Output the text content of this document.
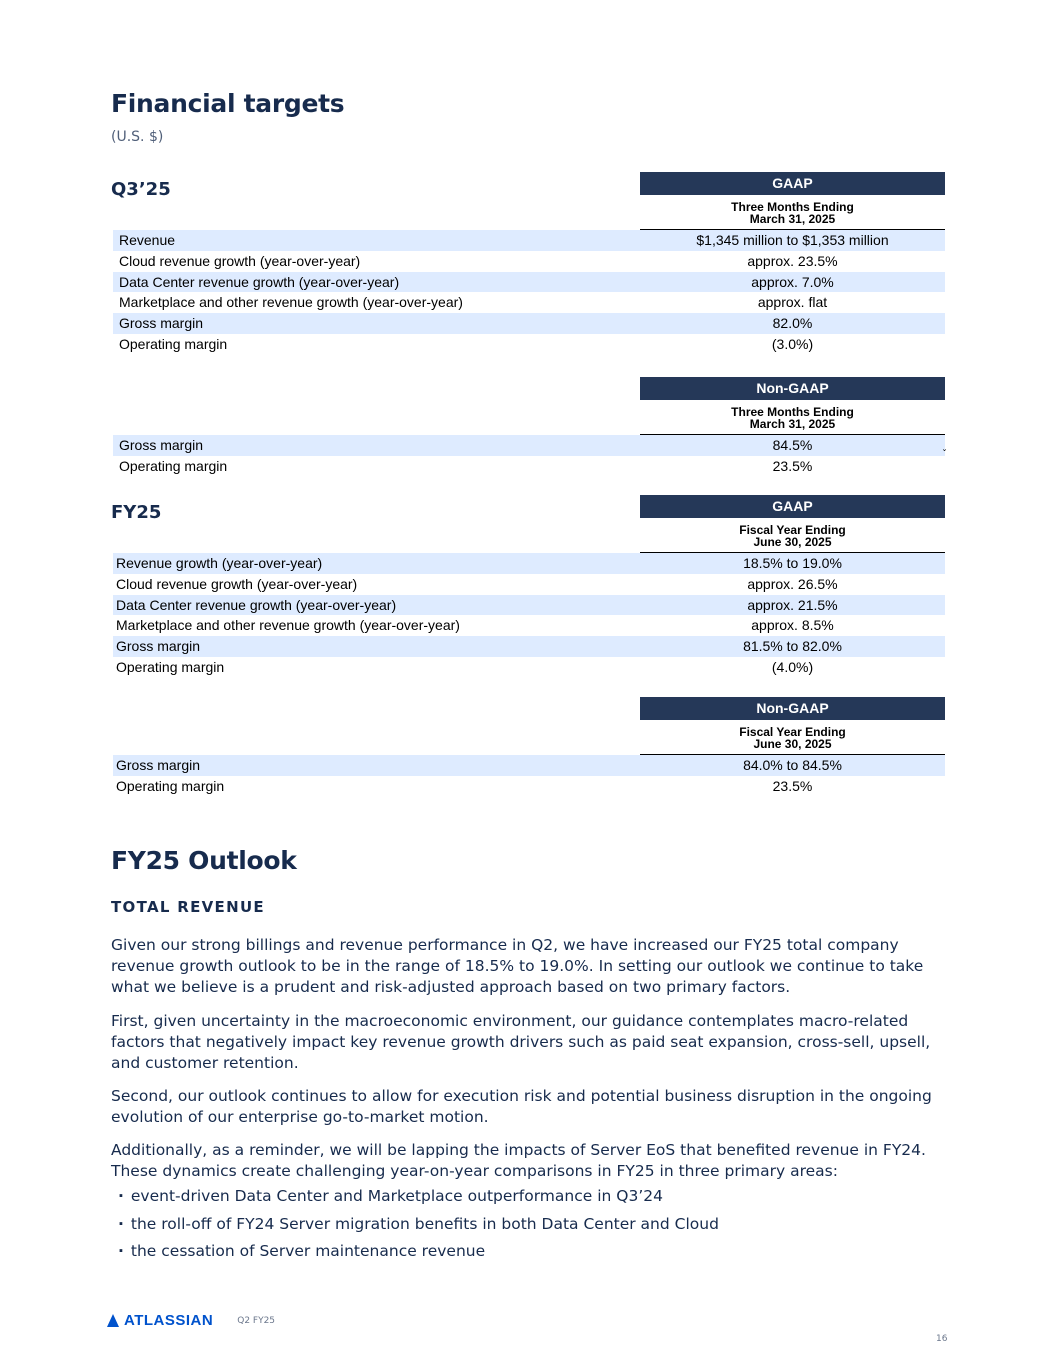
Financial targets
(U.S. $)
Q3’25	GAAP
Three Months Ending
March 31, 2025
Revenue	$1,345 million to $1,353 million
Cloud revenue growth (year-over-year)	approx. 23.5%
Data Center revenue growth (year-over-year)	approx. 7.0%
Marketplace and other revenue growth (year-over-year)	approx. flat
Gross margin	82.0%
Operating margin	(3.0%)
Non-GAAP
Three Months Ending
March 31, 2025
Gross margin	84.5%
Operating margin	23.5%
ˇ
FY25	GAAP
Fiscal Year Ending
June 30, 2025
Revenue growth (year-over-year)	18.5% to 19.0%
Cloud revenue growth (year-over-year)	approx. 26.5%
Data Center revenue growth (year-over-year)	approx. 21.5%
Marketplace and other revenue growth (year-over-year)	approx. 8.5%
Gross margin	81.5% to 82.0%
Operating margin	(4.0%)
Non-GAAP
Fiscal Year Ending
June 30, 2025
Gross margin	84.0% to 84.5%
Operating margin	23.5%
FY25 Outlook
TOTAL REVENUE

Given our strong billings and revenue performance in Q2, we have increased our FY25 total company revenue growth outlook to be in the range of 18.5% to 19.0%. In setting our outlook we continue to take what we believe is a prudent and risk-adjusted approach based on two primary factors.

First, given uncertainty in the macroeconomic environment, our guidance contemplates macro-related factors that negatively impact key revenue growth drivers such as paid seat expansion, cross-sell, upsell, and customer retention.

Second, our outlook continues to allow for execution risk and potential business disruption in the ongoing evolution of our enterprise go-to-market motion.

Additionally, as a reminder, we will be lapping the impacts of Server EoS that benefited revenue in FY24. These dynamics create challenging year-on-year comparisons in FY25 in three primary areas:

· event-driven Data Center and Marketplace outperformance in Q3’24
· the roll-off of FY24 Server migration benefits in both Data Center and Cloud
· the cessation of Server maintenance revenue
ATLASSIAN	Q2 FY25
16
